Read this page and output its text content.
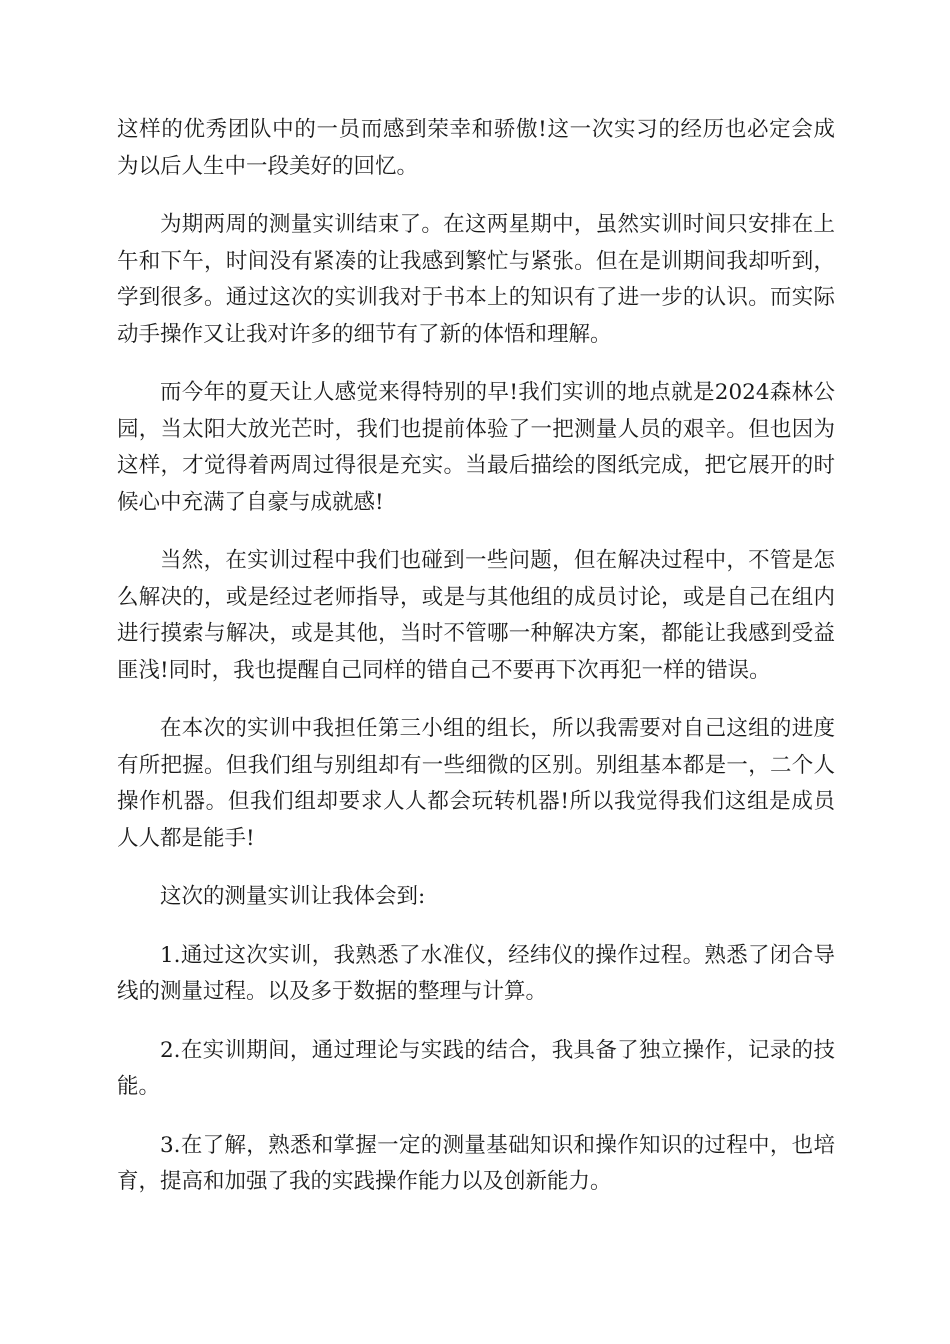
这样的优秀团队中的一员而感到荣幸和骄傲!这一次实习的经历也必定会成为以后人生中一段美好的回忆。

为期两周的测量实训结束了。在这两星期中，虽然实训时间只安排在上午和下午，时间没有紧凑的让我感到繁忙与紧张。但在是训期间我却听到，学到很多。通过这次的实训我对于书本上的知识有了进一步的认识。而实际动手操作又让我对许多的细节有了新的体悟和理解。

而今年的夏天让人感觉来得特别的早!我们实训的地点就是2024森林公园，当太阳大放光芒时，我们也提前体验了一把测量人员的艰辛。但也因为这样，才觉得着两周过得很是充实。当最后描绘的图纸完成，把它展开的时候心中充满了自豪与成就感!

当然，在实训过程中我们也碰到一些问题，但在解决过程中，不管是怎么解决的，或是经过老师指导，或是与其他组的成员讨论，或是自己在组内进行摸索与解决，或是其他，当时不管哪一种解决方案，都能让我感到受益匪浅!同时，我也提醒自己同样的错自己不要再下次再犯一样的错误。

在本次的实训中我担任第三小组的组长，所以我需要对自己这组的进度有所把握。但我们组与别组却有一些细微的区别。别组基本都是一，二个人操作机器。但我们组却要求人人都会玩转机器!所以我觉得我们这组是成员人人都是能手!

这次的测量实训让我体会到:

1.通过这次实训，我熟悉了水准仪，经纬仪的操作过程。熟悉了闭合导线的测量过程。以及多于数据的整理与计算。

2.在实训期间，通过理论与实践的结合，我具备了独立操作，记录的技能。

3.在了解，熟悉和掌握一定的测量基础知识和操作知识的过程中，也培育，提高和加强了我的实践操作能力以及创新能力。
